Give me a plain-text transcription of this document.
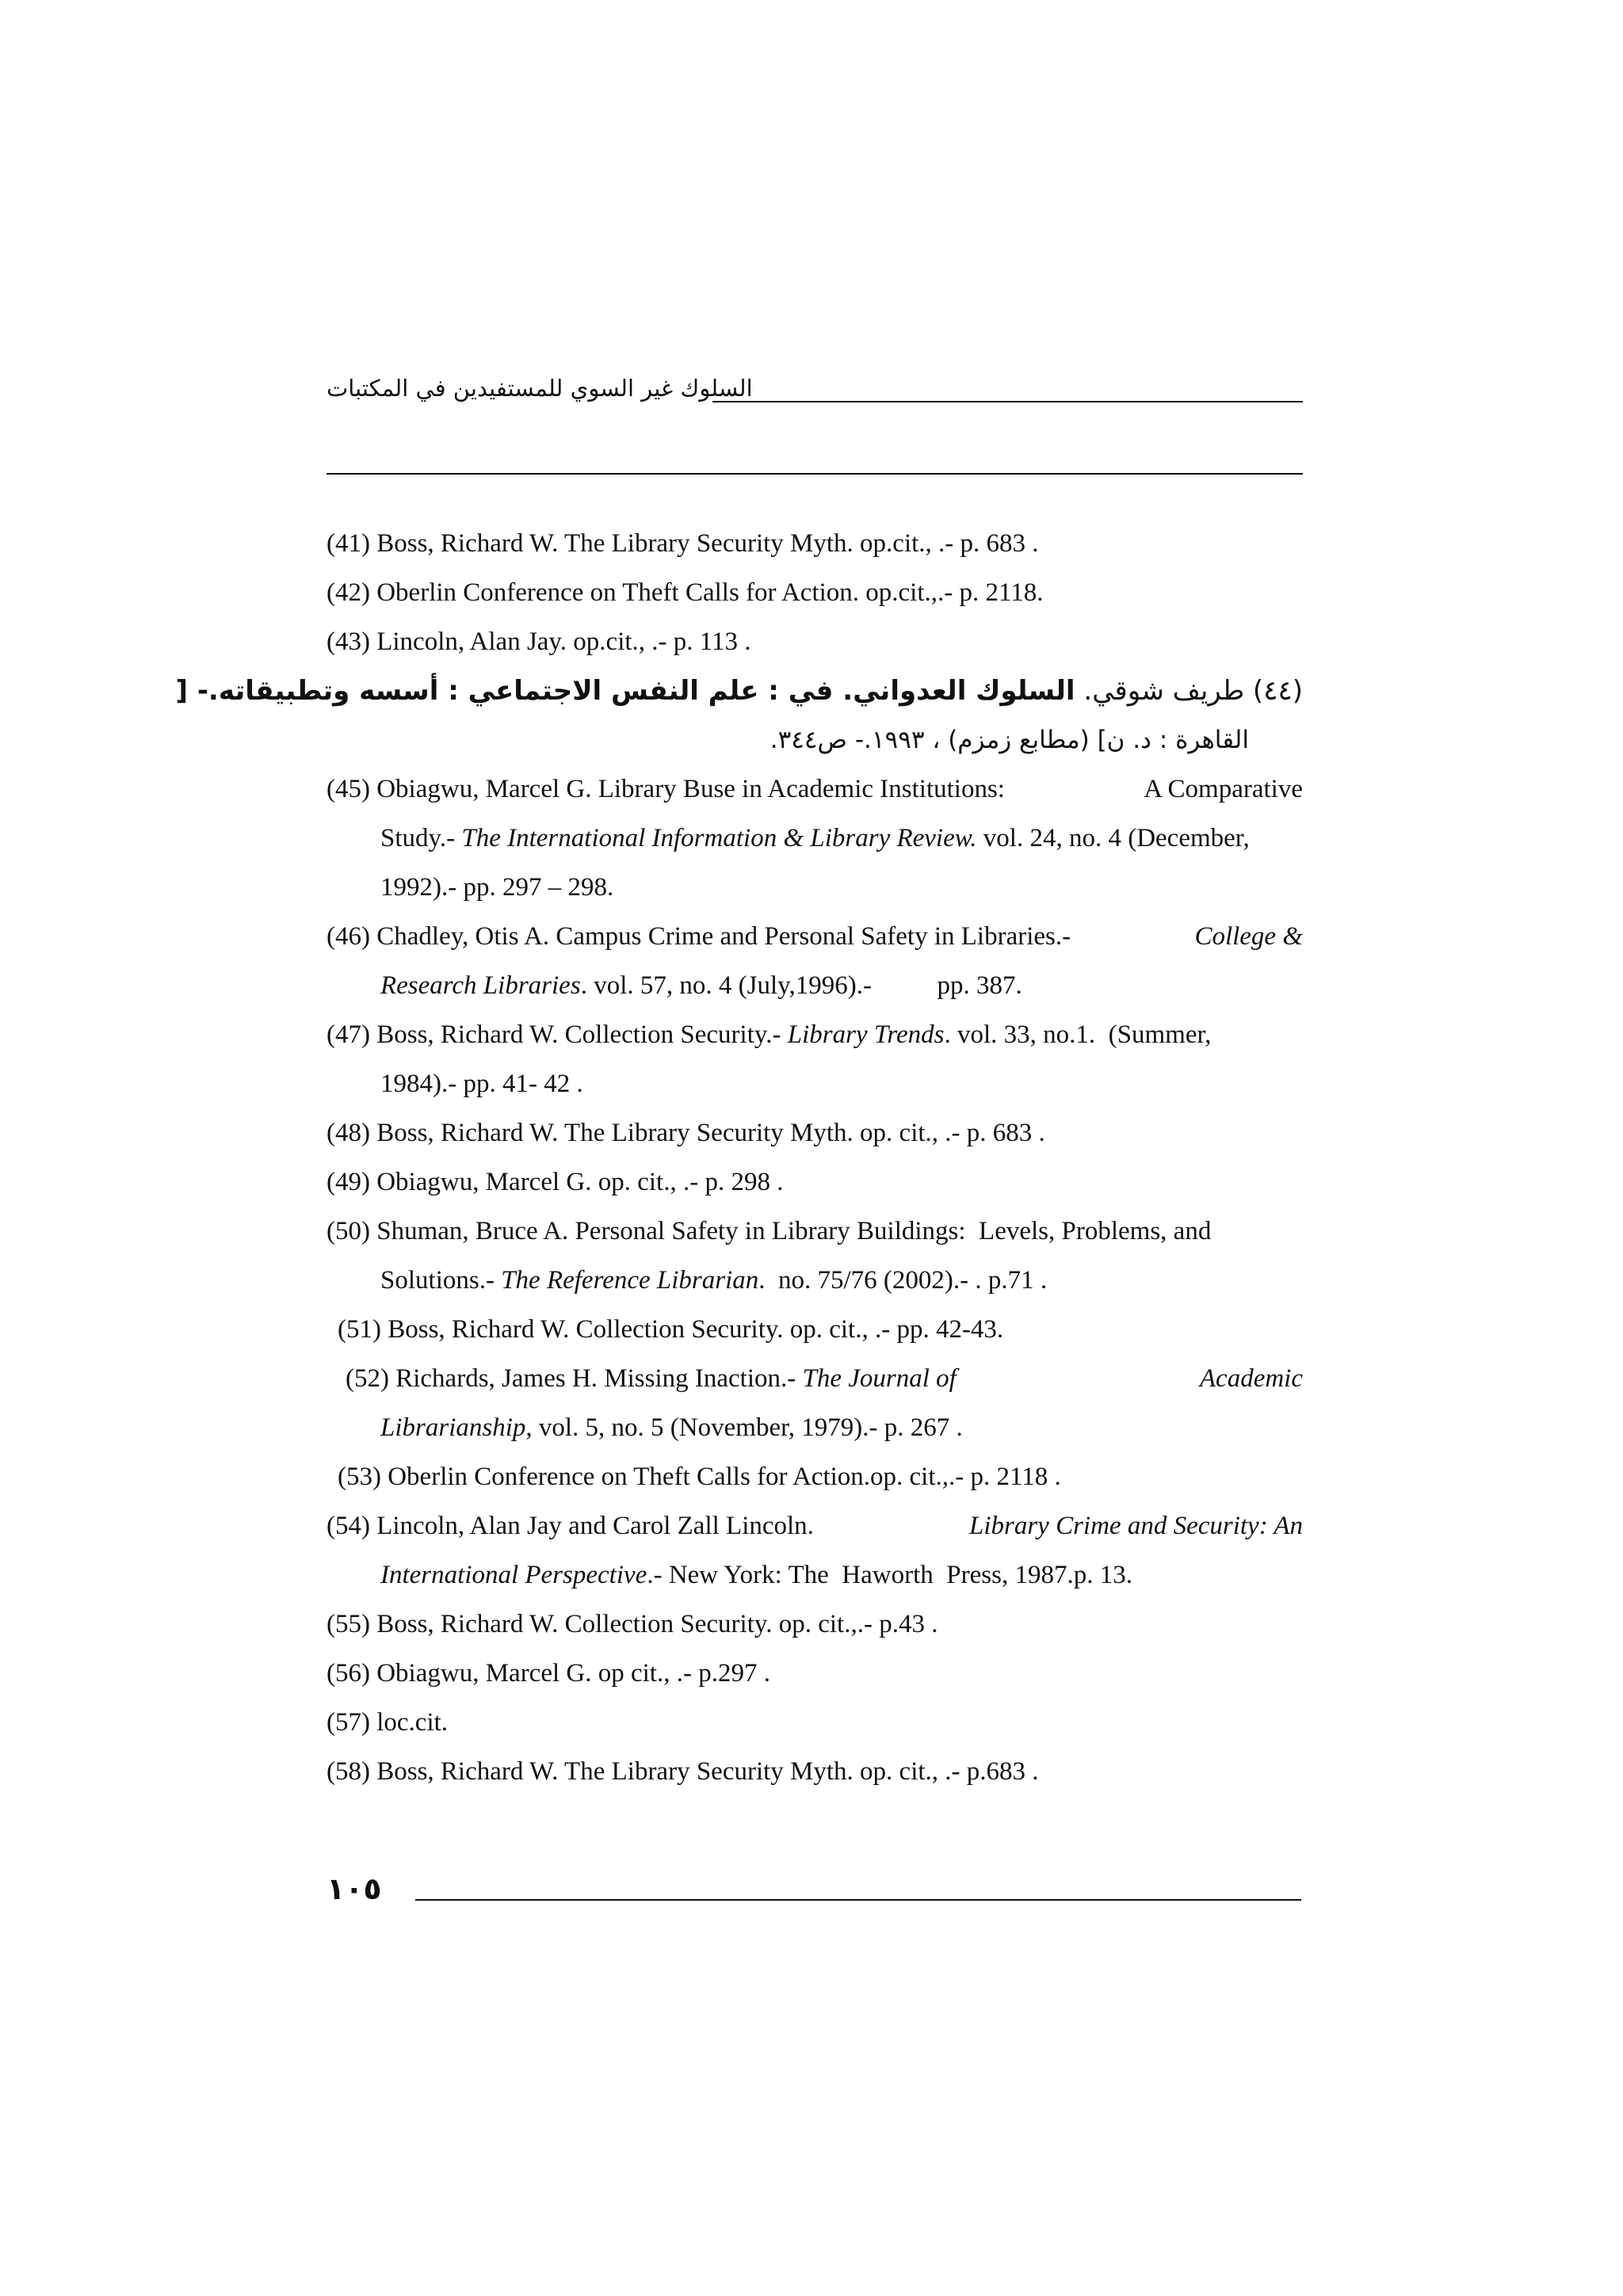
السلوك غير السوي للمستفيدين في المكتبات

(41) Boss, Richard W. The Library Security Myth. op.cit., .- p. 683 .

(42) Oberlin Conference on Theft Calls for Action. op.cit.,.- p. 2118.

(43) Lincoln, Alan Jay. op.cit., .- p. 113 .

(٤٤) طريف شوقي. السلوك العدواني. في : علم النفس الاجتماعي : أسسه وتطبيقاته.- [

القاهرة : د. ن] (مطابع زمزم) ، ١٩٩٣.- ص٣٤٤.

(45) Obiagwu, Marcel G. Library Buse in Academic Institutions:	A Comparative

Study.- The International Information & Library Review. vol. 24, no. 4 (December,

1992).- pp. 297 – 298.

(46) Chadley, Otis A. Campus Crime and Personal Safety in Libraries.-	College &

Research Libraries. vol. 57, no. 4 (July,1996).-          pp. 387.

(47) Boss, Richard W. Collection Security.- Library Trends. vol. 33, no.1.  (Summer,

1984).- pp. 41- 42 .

(48) Boss, Richard W. The Library Security Myth. op. cit., .- p. 683 .

(49) Obiagwu, Marcel G. op. cit., .- p. 298 .

(50) Shuman, Bruce A. Personal Safety in Library Buildings:  Levels, Problems, and

Solutions.- The Reference Librarian.  no. 75/76 (2002).- . p.71 .

(51) Boss, Richard W. Collection Security. op. cit., .- pp. 42-43.

(52) Richards, James H. Missing Inaction.- The Journal of	Academic

Librarianship, vol. 5, no. 5 (November, 1979).- p. 267 .

(53) Oberlin Conference on Theft Calls for Action.op. cit.,.- p. 2118 .

(54) Lincoln, Alan Jay and Carol Zall Lincoln.	Library Crime and Security: An

International Perspective.- New York: The  Haworth  Press, 1987.p. 13.

(55) Boss, Richard W. Collection Security. op. cit.,.- p.43 .

(56) Obiagwu, Marcel G. op cit., .- p.297 .

(57) loc.cit.

(58) Boss, Richard W. The Library Security Myth. op. cit., .- p.683 .

١٠٥
